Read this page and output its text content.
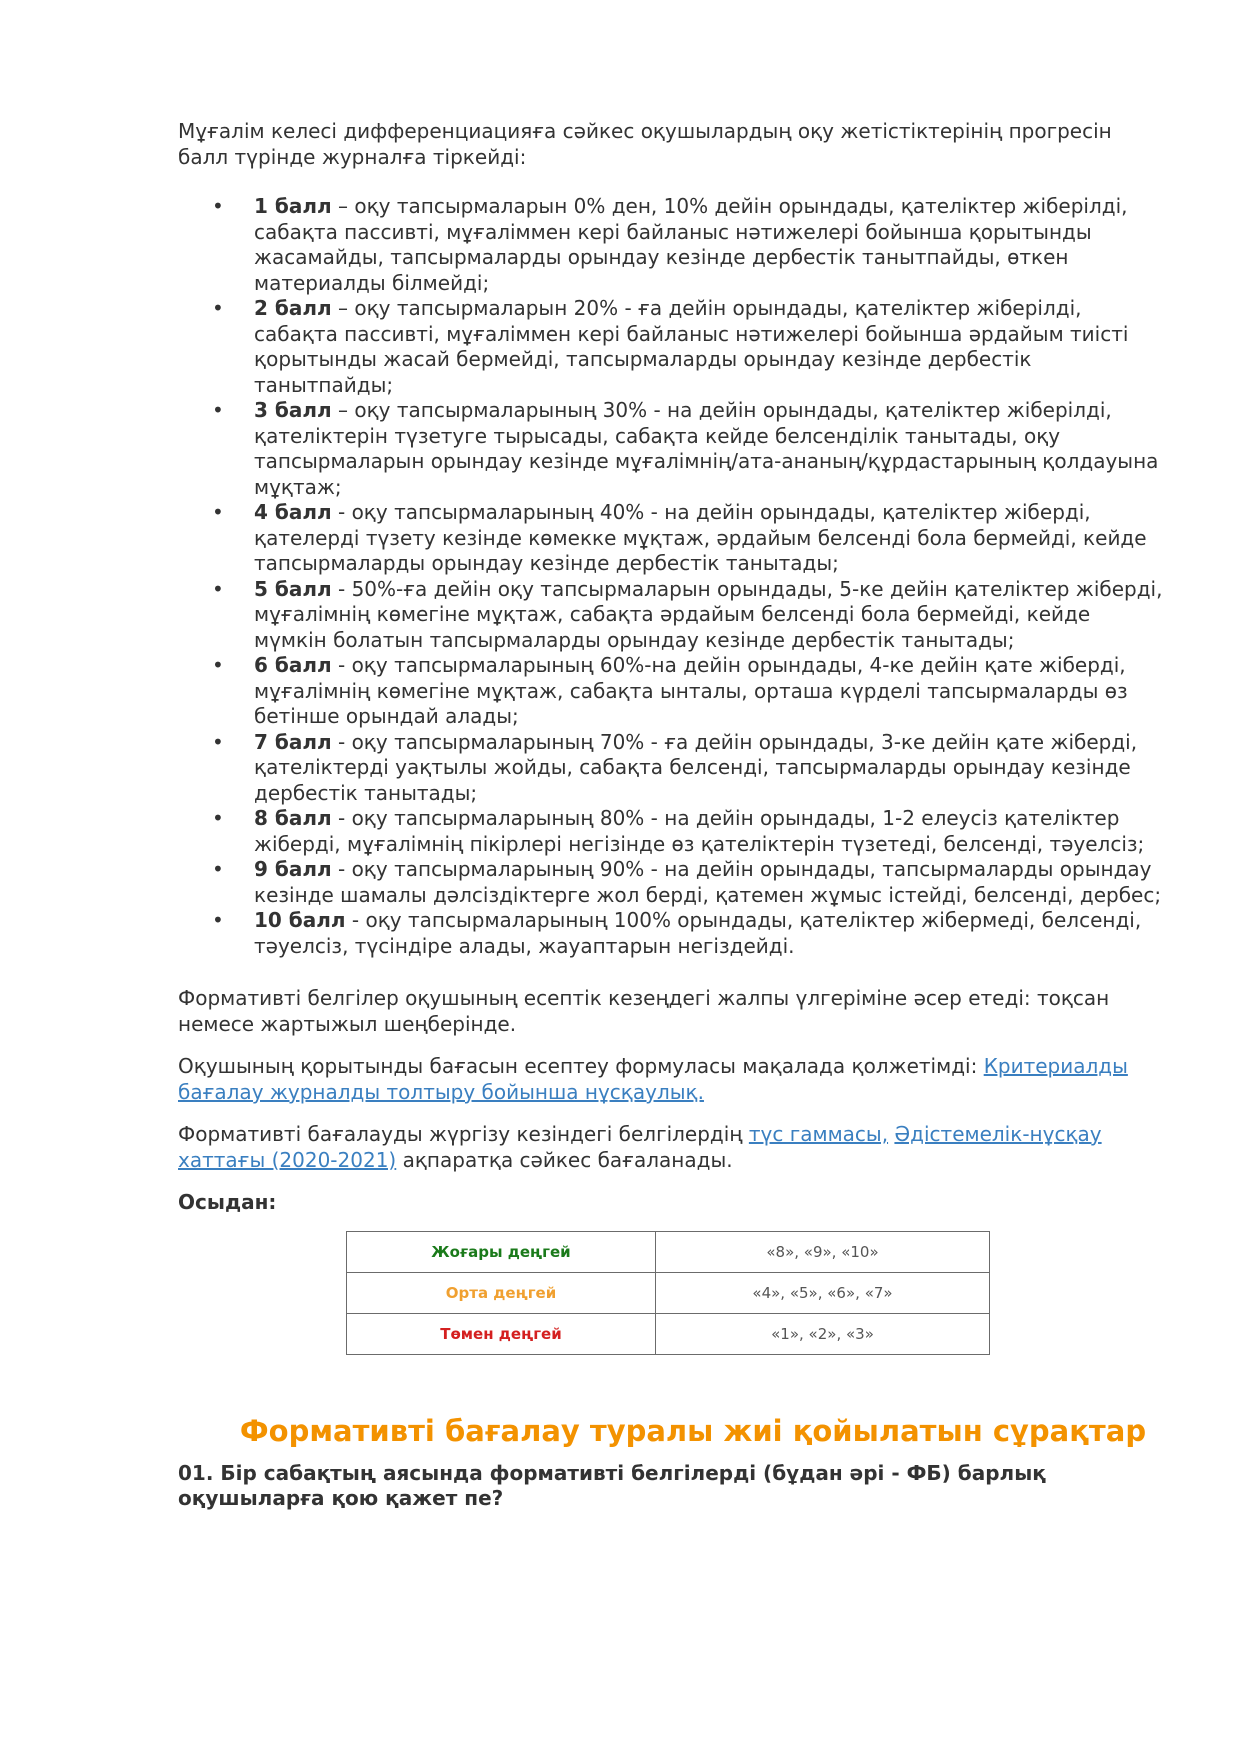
Мұғалім келесі дифференциацияға сәйкес оқушылардың оқу жетістіктерінің прогресін балл түрінде журналға тіркейді:

• 1 балл – оқу тапсырмаларын 0% ден, 10% дейін орындады, қателіктер жіберілді, сабақта пассивті, мұғаліммен кері байланыс нәтижелері бойынша қорытынды жасамайды, тапсырмаларды орындау кезінде дербестік танытпайды, өткен материалды білмейді;
• 2 балл – оқу тапсырмаларын 20% - ға дейін орындады, қателіктер жіберілді, сабақта пассивті, мұғаліммен кері байланыс нәтижелері бойынша әрдайым тиісті қорытынды жасай бермейді, тапсырмаларды орындау кезінде дербестік танытпайды;
• 3 балл – оқу тапсырмаларының 30% - на дейін орындады, қателіктер жіберілді, қателіктерін түзетуге тырысады, сабақта кейде белсенділік танытады, оқу тапсырмаларын орындау кезінде мұғалімнің/ата-ананың/құрдастарының қолдауына мұқтаж;
• 4 балл - оқу тапсырмаларының 40% - на дейін орындады, қателіктер жіберді, қателерді түзету кезінде көмекке мұқтаж, әрдайым белсенді бола бермейді, кейде тапсырмаларды орындау кезінде дербестік танытады;
• 5 балл - 50%-ға дейін оқу тапсырмаларын орындады, 5-ке дейін қателіктер жіберді, мұғалімнің көмегіне мұқтаж, сабақта әрдайым белсенді бола бермейді, кейде мүмкін болатын тапсырмаларды орындау кезінде дербестік танытады;
• 6 балл - оқу тапсырмаларының 60%-на дейін орындады, 4-ке дейін қате жіберді, мұғалімнің көмегіне мұқтаж, сабақта ынталы, орташа күрделі тапсырмаларды өз бетінше орындай алады;
• 7 балл - оқу тапсырмаларының 70% - ға дейін орындады, 3-ке дейін қате жіберді, қателіктерді уақтылы жойды, сабақта белсенді, тапсырмаларды орындау кезінде дербестік танытады;
• 8 балл - оқу тапсырмаларының 80% - на дейін орындады, 1-2 елеусіз қателіктер жіберді, мұғалімнің пікірлері негізінде өз қателіктерін түзетеді, белсенді, тәуелсіз;
• 9 балл - оқу тапсырмаларының 90% - на дейін орындады, тапсырмаларды орындау кезінде шамалы дәлсіздіктерге жол берді, қатемен жұмыс істейді, белсенді, дербес;
• 10 балл - оқу тапсырмаларының 100% орындады, қателіктер жібермеді, белсенді, тәуелсіз, түсіндіре алады, жауаптарын негіздейді.

Формативті белгілер оқушының есептік кезеңдегі жалпы үлгеріміне әсер етеді: тоқсан немесе жартыжыл шеңберінде.

Оқушының қорытынды бағасын есептеу формуласы мақалада қолжетімді: Критериалды бағалау журналды толтыру бойынша нұсқаулық.

Формативті бағалауды жүргізу кезіндегі белгілердің түс гаммасы, Әдістемелік-нұсқау хаттағы (2020-2021) ақпаратқа сәйкес бағаланады.

Осыдан:

Жоғары деңгей	«8», «9», «10»
Орта деңгей	«4», «5», «6», «7»
Төмен деңгей	«1», «2», «3»
Формативті бағалау туралы жиі қойылатын сұрақтар

01. Бір сабақтың аясында формативті белгілерді (бұдан әрі - ФБ) барлық оқушыларға қою қажет пе?
